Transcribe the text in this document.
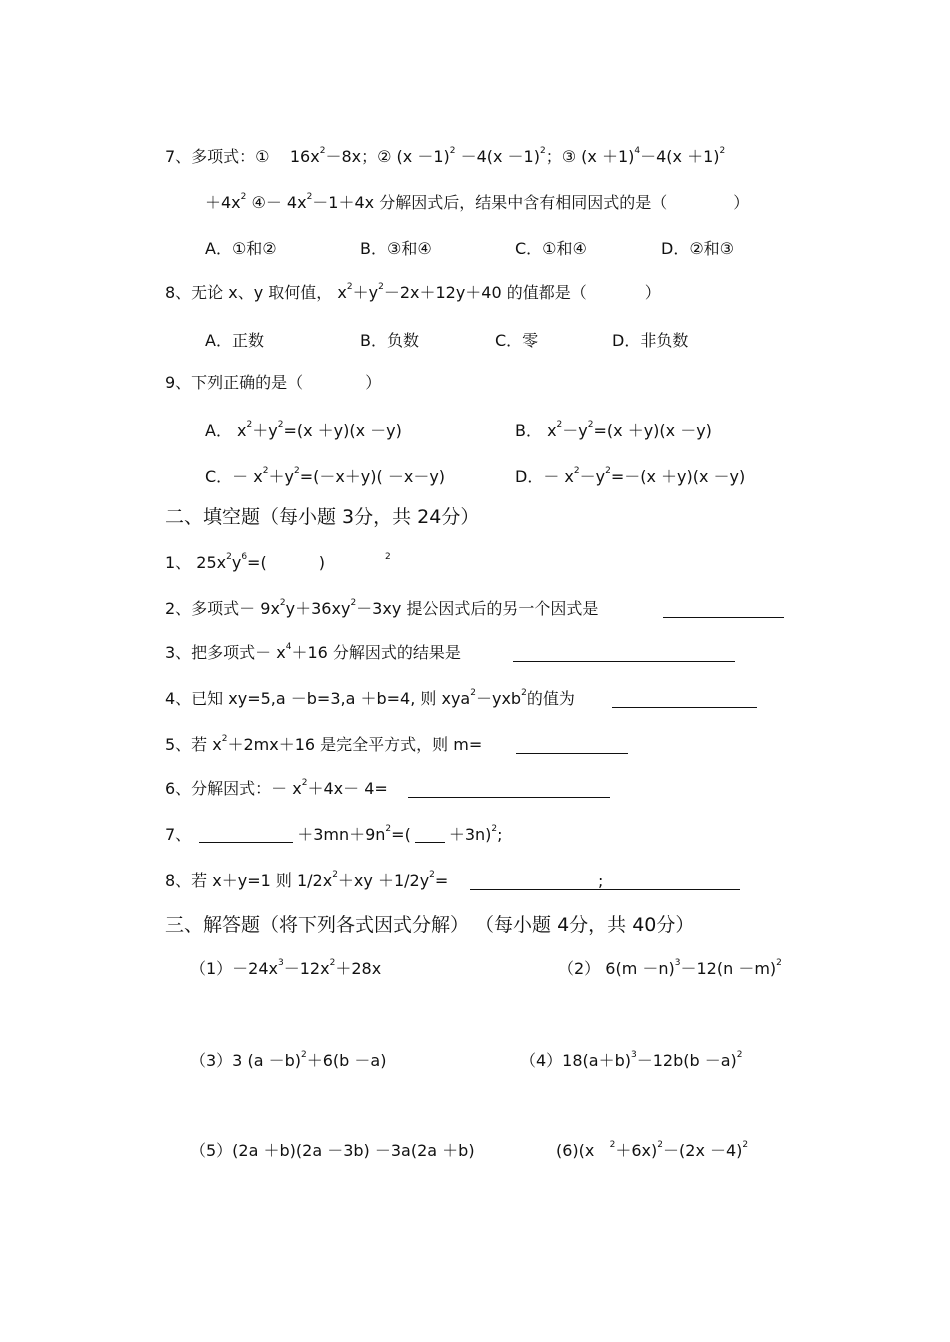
7、多项式：① $16x^2-8x$；② $(x -1)^2 -4(x -1)^2$；③ $(x +1)^4-4(x +1)^2$
$+4x^2$ ④－ $4x^2-1+4x$ 分解因式后，结果中含有相同因式的是（	）
A．①和②	B．③和④	C．①和④	D．②和③
8、无论 x、y 取何值， $x^2+y^2-2x+12y+40$ 的值都是（	）
A．正数	B．负数	C．零	D．非负数
9、下列正确的是（	）
A． $x^2+y^2=(x +y)(x -y)$	B． $x^2-y^2=(x +y)(x -y)$
C．－ $x^2+y^2=(-x+y)( -x-y)$	D．－ $x^2-y^2=-(x +y)(x -y)$
二、填空题（每小题 3分，共 24分）
1、 $25x^2y^6=$(	)	$^2$
2、多项式－ $9x^2y+36xy^2-3xy$ 提公因式后的另一个因式是
3、把多项式－ $x^4+16$ 分解因式的结果是
4、已知 xy=5,a －b=3,a ＋b=4, 则 xya$^2$－yxb$^2$的值为
5、若 $x^2+2mx+16$ 是完全平方式，则 m=
6、分解因式：－ $x^2+4x- 4=$
7、	$+3mn+9n^2=( +3n)^2$;
8、若 x＋y=1 则 $1/2x^2+xy +1/2y^2=$	;
三、解答题（将下列各式因式分解） （每小题 4分，共 40分）
$(1)-24x^3-12x^2+28x$	（2） $6(m -n)^3-12(n -m)^2$
（3）3 $(a -b)^2+6(b -a)$	$(4)18(a+b)^3-12b(b -a)^2$
（5）(2a ＋b)(2a －3b) －3a(2a ＋b)	(6)(x $^2+6x)^2-(2x -4)^2$
